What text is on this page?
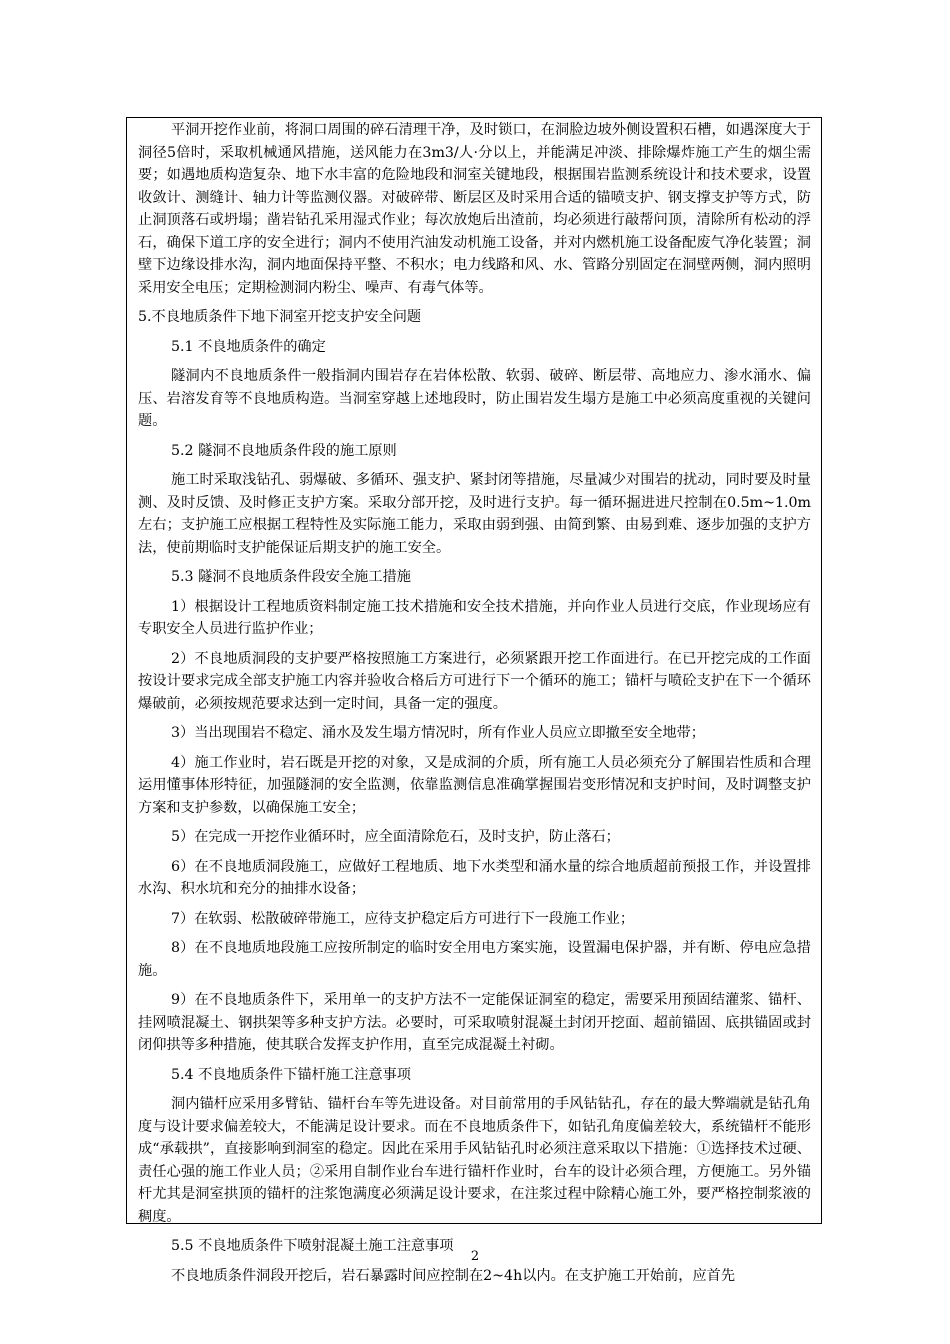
平洞开挖作业前，将洞口周围的碎石清理干净，及时锁口，在洞脸边坡外侧设置积石槽，如遇深度大于洞径5倍时，采取机械通风措施，送风能力在3m3/人·分以上，并能满足冲淡、排除爆炸施工产生的烟尘需要；如遇地质构造复杂、地下水丰富的危险地段和洞室关键地段，根据围岩监测系统设计和技术要求，设置收敛计、测缝计、轴力计等监测仪器。对破碎带、断层区及时采用合适的锚喷支护、钢支撑支护等方式，防止洞顶落石或坍塌；凿岩钻孔采用湿式作业；每次放炮后出渣前，均必须进行敲帮问顶，清除所有松动的浮石，确保下道工序的安全进行；洞内不使用汽油发动机施工设备，并对内燃机施工设备配废气净化装置；洞壁下边缘设排水沟，洞内地面保持平整、不积水；电力线路和风、水、管路分别固定在洞壁两侧，洞内照明采用安全电压；定期检测洞内粉尘、噪声、有毒气体等。

5.不良地质条件下地下洞室开挖支护安全问题

5.1 不良地质条件的确定

隧洞内不良地质条件一般指洞内围岩存在岩体松散、软弱、破碎、断层带、高地应力、渗水涌水、偏压、岩溶发育等不良地质构造。当洞室穿越上述地段时，防止围岩发生塌方是施工中必须高度重视的关键问题。

5.2 隧洞不良地质条件段的施工原则

施工时采取浅钻孔、弱爆破、多循环、强支护、紧封闭等措施，尽量减少对围岩的扰动，同时要及时量测、及时反馈、及时修正支护方案。采取分部开挖，及时进行支护。每一循环掘进进尺控制在0.5m~1.0m左右；支护施工应根据工程特性及实际施工能力，采取由弱到强、由简到繁、由易到难、逐步加强的支护方法，使前期临时支护能保证后期支护的施工安全。

5.3 隧洞不良地质条件段安全施工措施

1）根据设计工程地质资料制定施工技术措施和安全技术措施，并向作业人员进行交底，作业现场应有专职安全人员进行监护作业；

2）不良地质洞段的支护要严格按照施工方案进行，必须紧跟开挖工作面进行。在已开挖完成的工作面按设计要求完成全部支护施工内容并验收合格后方可进行下一个循环的施工；锚杆与喷砼支护在下一个循环爆破前，必须按规范要求达到一定时间，具备一定的强度。

3）当出现围岩不稳定、涌水及发生塌方情况时，所有作业人员应立即撤至安全地带；

4）施工作业时，岩石既是开挖的对象，又是成洞的介质，所有施工人员必须充分了解围岩性质和合理运用懂事体形特征，加强隧洞的安全监测，依靠监测信息准确掌握围岩变形情况和支护时间，及时调整支护方案和支护参数，以确保施工安全；

5）在完成一开挖作业循环时，应全面清除危石，及时支护，防止落石；

6）在不良地质洞段施工，应做好工程地质、地下水类型和涌水量的综合地质超前预报工作，并设置排水沟、积水坑和充分的抽排水设备；

7）在软弱、松散破碎带施工，应待支护稳定后方可进行下一段施工作业；

8）在不良地质地段施工应按所制定的临时安全用电方案实施，设置漏电保护器，并有断、停电应急措施。

9）在不良地质条件下，采用单一的支护方法不一定能保证洞室的稳定，需要采用预固结灌浆、锚杆、挂网喷混凝土、钢拱架等多种支护方法。必要时，可采取喷射混凝土封闭开挖面、超前锚固、底拱锚固或封闭仰拱等多种措施，使其联合发挥支护作用，直至完成混凝土衬砌。

5.4 不良地质条件下锚杆施工注意事项

洞内锚杆应采用多臂钻、锚杆台车等先进设备。对目前常用的手风钻钻孔，存在的最大弊端就是钻孔角度与设计要求偏差较大，不能满足设计要求。而在不良地质条件下，如钻孔角度偏差较大，系统锚杆不能形成“承载拱”，直接影响到洞室的稳定。因此在采用手风钻钻孔时必须注意采取以下措施：①选择技术过硬、责任心强的施工作业人员；②采用自制作业台车进行锚杆作业时，台车的设计必须合理，方便施工。另外锚杆尤其是洞室拱顶的锚杆的注浆饱满度必须满足设计要求，在注浆过程中除精心施工外，要严格控制浆液的稠度。

5.5 不良地质条件下喷射混凝土施工注意事项

不良地质条件洞段开挖后，岩石暴露时间应控制在2~4h以内。在支护施工开始前，应首先

2
